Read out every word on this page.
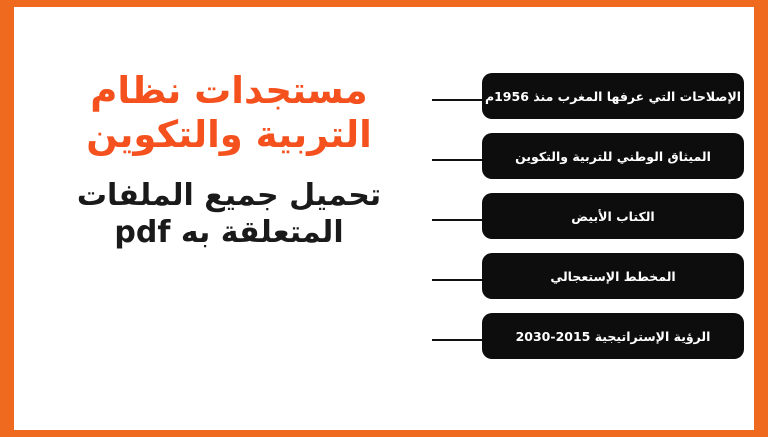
مستجدات نظام
التربية والتكوين
تحميل جميع الملفات
المتعلقة به pdf
الإصلاحات التي عرفها المغرب منذ 1956م
الميثاق الوطني للتربية والتكوين
الكتاب الأبيض
المخطط الإستعجالي
الرؤية الإستراتيجية 2015-2030
